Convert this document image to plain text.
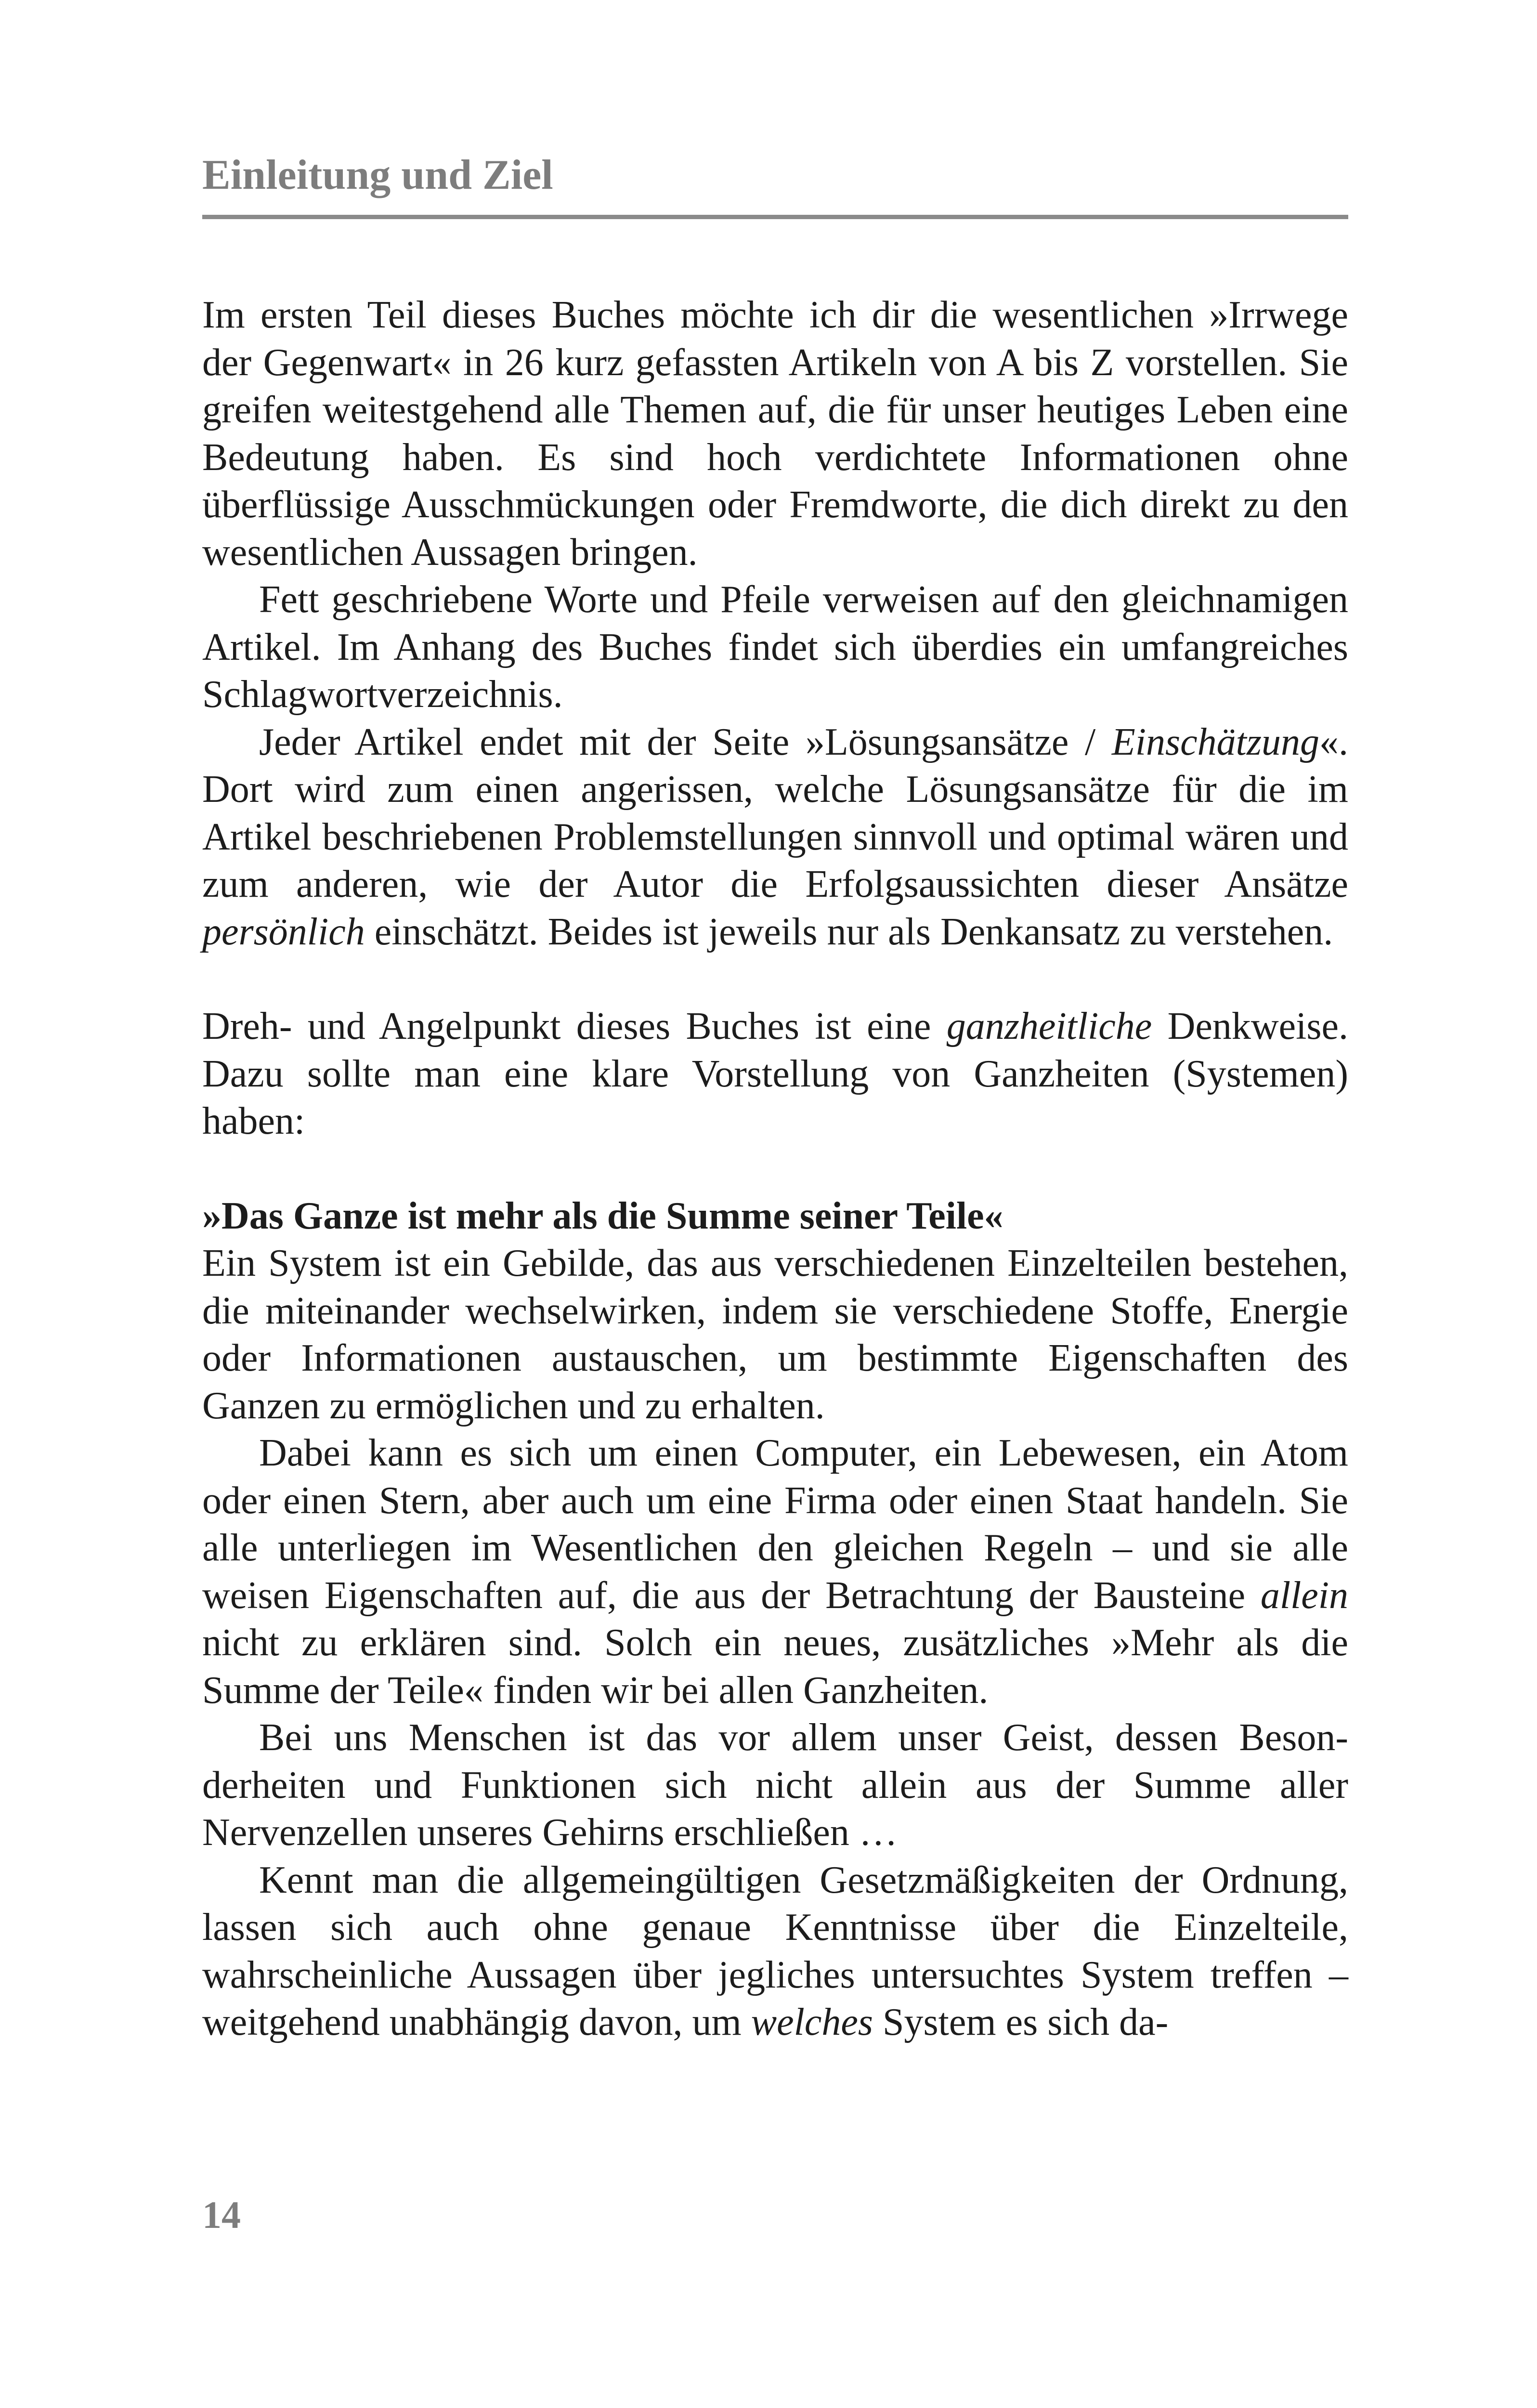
Einleitung und Ziel

Im ersten Teil dieses Buches möchte ich dir die wesentlichen »Irrwege der Gegenwart« in 26 kurz gefassten Artikeln von A bis Z vorstellen. Sie greifen weitestgehend alle Themen auf, die für unser heutiges Leben eine Bedeutung haben. Es sind hoch verdichtete Informationen ohne überflüssige Ausschmückungen oder Fremdworte, die dich direkt zu den wesentlichen Aussagen bringen.

Fett geschriebene Worte und Pfeile verweisen auf den gleichnamigen Artikel. Im Anhang des Buches findet sich überdies ein umfangreiches Schlagwortverzeichnis.

Jeder Artikel endet mit der Seite »Lösungsansätze / Einschätzung«. Dort wird zum einen angerissen, welche Lösungsansätze für die im Artikel beschriebenen Problemstellungen sinnvoll und optimal wären und zum anderen, wie der Autor die Erfolgsaussichten dieser Ansätze persönlich einschätzt. Beides ist jeweils nur als Denkansatz zu verstehen.

Dreh- und Angelpunkt dieses Buches ist eine ganzheitliche Denkweise. Dazu sollte man eine klare Vorstellung von Ganzheiten (Systemen) haben:

»Das Ganze ist mehr als die Summe seiner Teile«

Ein System ist ein Gebilde, das aus verschiedenen Einzelteilen bestehen, die miteinander wechselwirken, indem sie verschiedene Stoffe, Energie oder Informationen austauschen, um bestimmte Eigenschaften des Ganzen zu ermöglichen und zu erhalten.

Dabei kann es sich um einen Computer, ein Lebewesen, ein Atom oder einen Stern, aber auch um eine Firma oder einen Staat handeln. Sie alle unterliegen im Wesentlichen den gleichen Regeln – und sie alle weisen Eigenschaften auf, die aus der Betrachtung der Bausteine allein nicht zu erklären sind. Solch ein neues, zusätzliches »Mehr als die Summe der Teile« finden wir bei allen Ganzheiten.

Bei uns Menschen ist das vor allem unser Geist, dessen Besonderheiten und Funktionen sich nicht allein aus der Summe aller Nervenzellen unseres Gehirns erschließen …

Kennt man die allgemeingültigen Gesetzmäßigkeiten der Ordnung, lassen sich auch ohne genaue Kenntnisse über die Einzelteile, wahrscheinliche Aussagen über jegliches untersuchtes System treffen – weitgehend unabhängig davon, um welches System es sich da-

14
